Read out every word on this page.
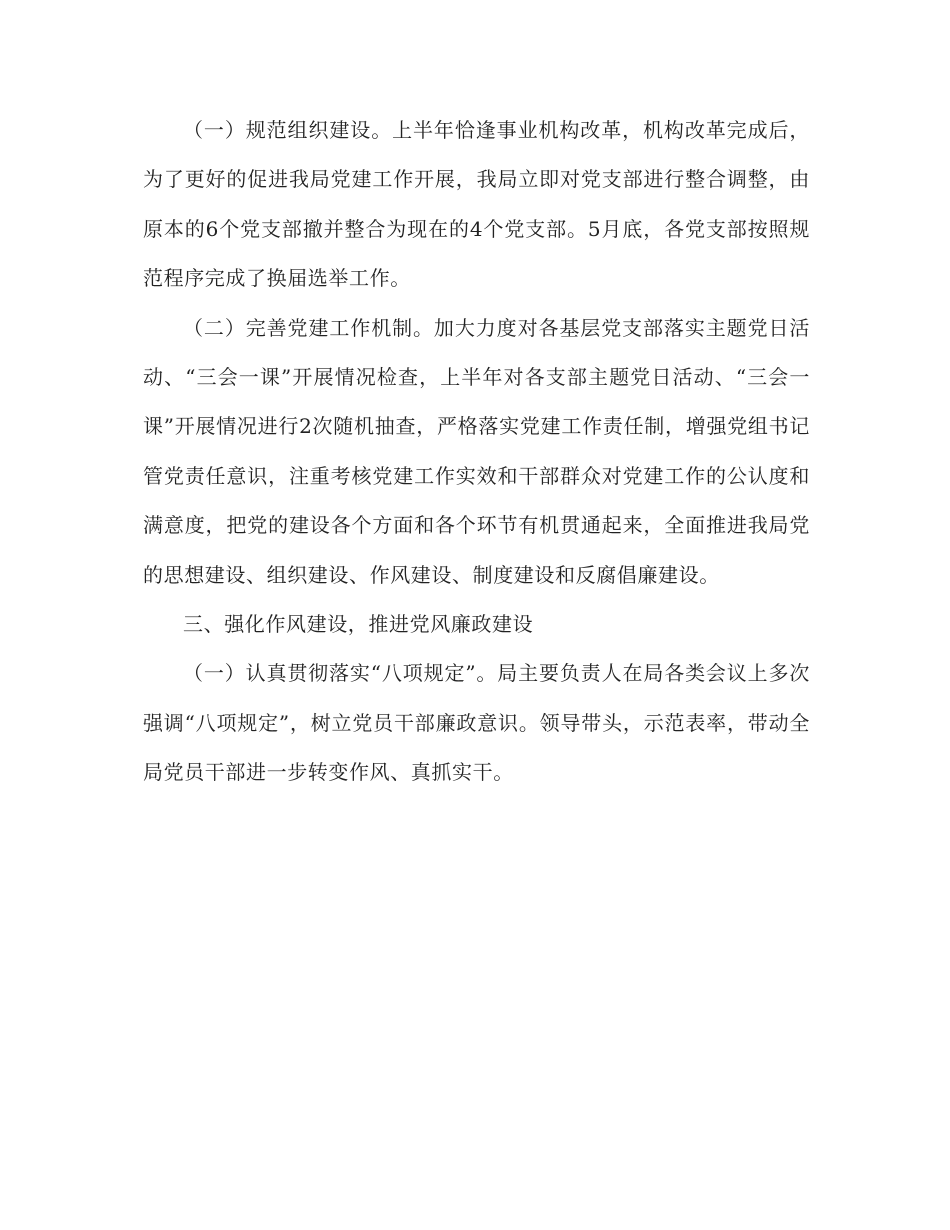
（一）规范组织建设。上半年恰逢事业机构改革，机构改革完成后，为了更好的促进我局党建工作开展，我局立即对党支部进行整合调整，由原本的6个党支部撤并整合为现在的4个党支部。5月底，各党支部按照规范程序完成了换届选举工作。

（二）完善党建工作机制。加大力度对各基层党支部落实主题党日活动、“三会一课”开展情况检查，上半年对各支部主题党日活动、“三会一课”开展情况进行2次随机抽查，严格落实党建工作责任制，增强党组书记管党责任意识，注重考核党建工作实效和干部群众对党建工作的公认度和满意度，把党的建设各个方面和各个环节有机贯通起来，全面推进我局党的思想建设、组织建设、作风建设、制度建设和反腐倡廉建设。

三、强化作风建设，推进党风廉政建设

（一）认真贯彻落实“八项规定”。局主要负责人在局各类会议上多次强调“八项规定”，树立党员干部廉政意识。领导带头，示范表率，带动全局党员干部进一步转变作风、真抓实干。
